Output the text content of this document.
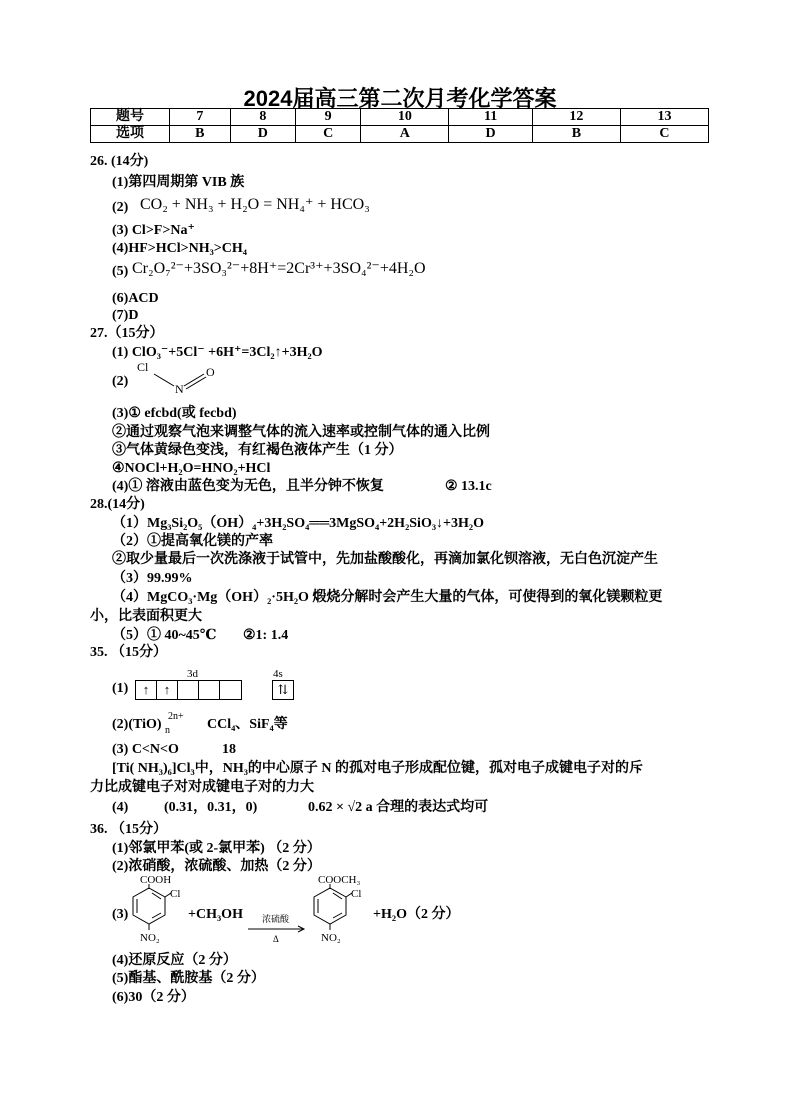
2024届高三第二次月考化学答案
题号	7	8	9	10	11	12	13
选项	B	D	C	A	D	B	C
26. (14分)
(1)第四周期第 VIB 族
(2) CO₂ + NH₃ + H₂O = NH₄⁺ + HCO₃
(3) Cl>F>Na⁺
(4)HF>HCl>NH₃>CH₄
(5) Cr₂O₇²⁻+3SO₃²⁻+8H⁺=2Cr³⁺+3SO₄²⁻+4H₂O
(6)ACD
(7)D
27.（15分）
(1) ClO₃⁻+5Cl⁻ +6H⁺=3Cl₂↑+3H₂O
(2)
Cl
N
O
(3)① efcbd(或 fecbd)
②通过观察气泡来调整气体的流入速率或控制气体的通入比例
③气体黄绿色变浅，有红褐色液体产生（1 分）
④NOCl+H₂O=HNO₂+HCl
(4)① 溶液由蓝色变为无色，且半分钟不恢复	② 13.1c
28.(14分)
（1）Mg₃Si₂O₅（OH）₄+3H₂SO₄══3MgSO₄+2H₂SiO₃↓+3H₂O
（2）①提高氧化镁的产率
②取少量最后一次洗涤液于试管中，先加盐酸酸化，再滴加氯化钡溶液，无白色沉淀产生
（3）99.99%
（4）MgCO₃·Mg（OH）₂·5H₂O 煅烧分解时会产生大量的气体，可使得到的氧化镁颗粒更
小，比表面积更大
（5）① 40~45℃ ②1: 1.4
35. （15分）
3d	4s
(1)	↑	↑	⇅
(2)(TiO)
2n+
n	CCl₄、SiF₄等
(3) C<N<O	18
[Ti( NH₃)₆]Cl₃中，NH₃的中心原子 N 的孤对电子形成配位键，孤对电子成键电子对的斥
力比成键电子对对成键电子对的力大
(4)	(0.31，0.31，0)	0.62 × √2 a 合理的表达式均可
36. （15分）
(1)邻氯甲苯(或 2-氯甲苯) （2 分）
(2)浓硝酸，浓硫酸、加热（2 分）
(3)
COOH
Cl
NO₂
+CH₃OH 浓硫酸
Δ
COOCH₃
Cl
NO₂
+H₂O（2 分）
(4)还原反应（2 分）
(5)酯基、酰胺基（2 分）
(6)30（2 分）
